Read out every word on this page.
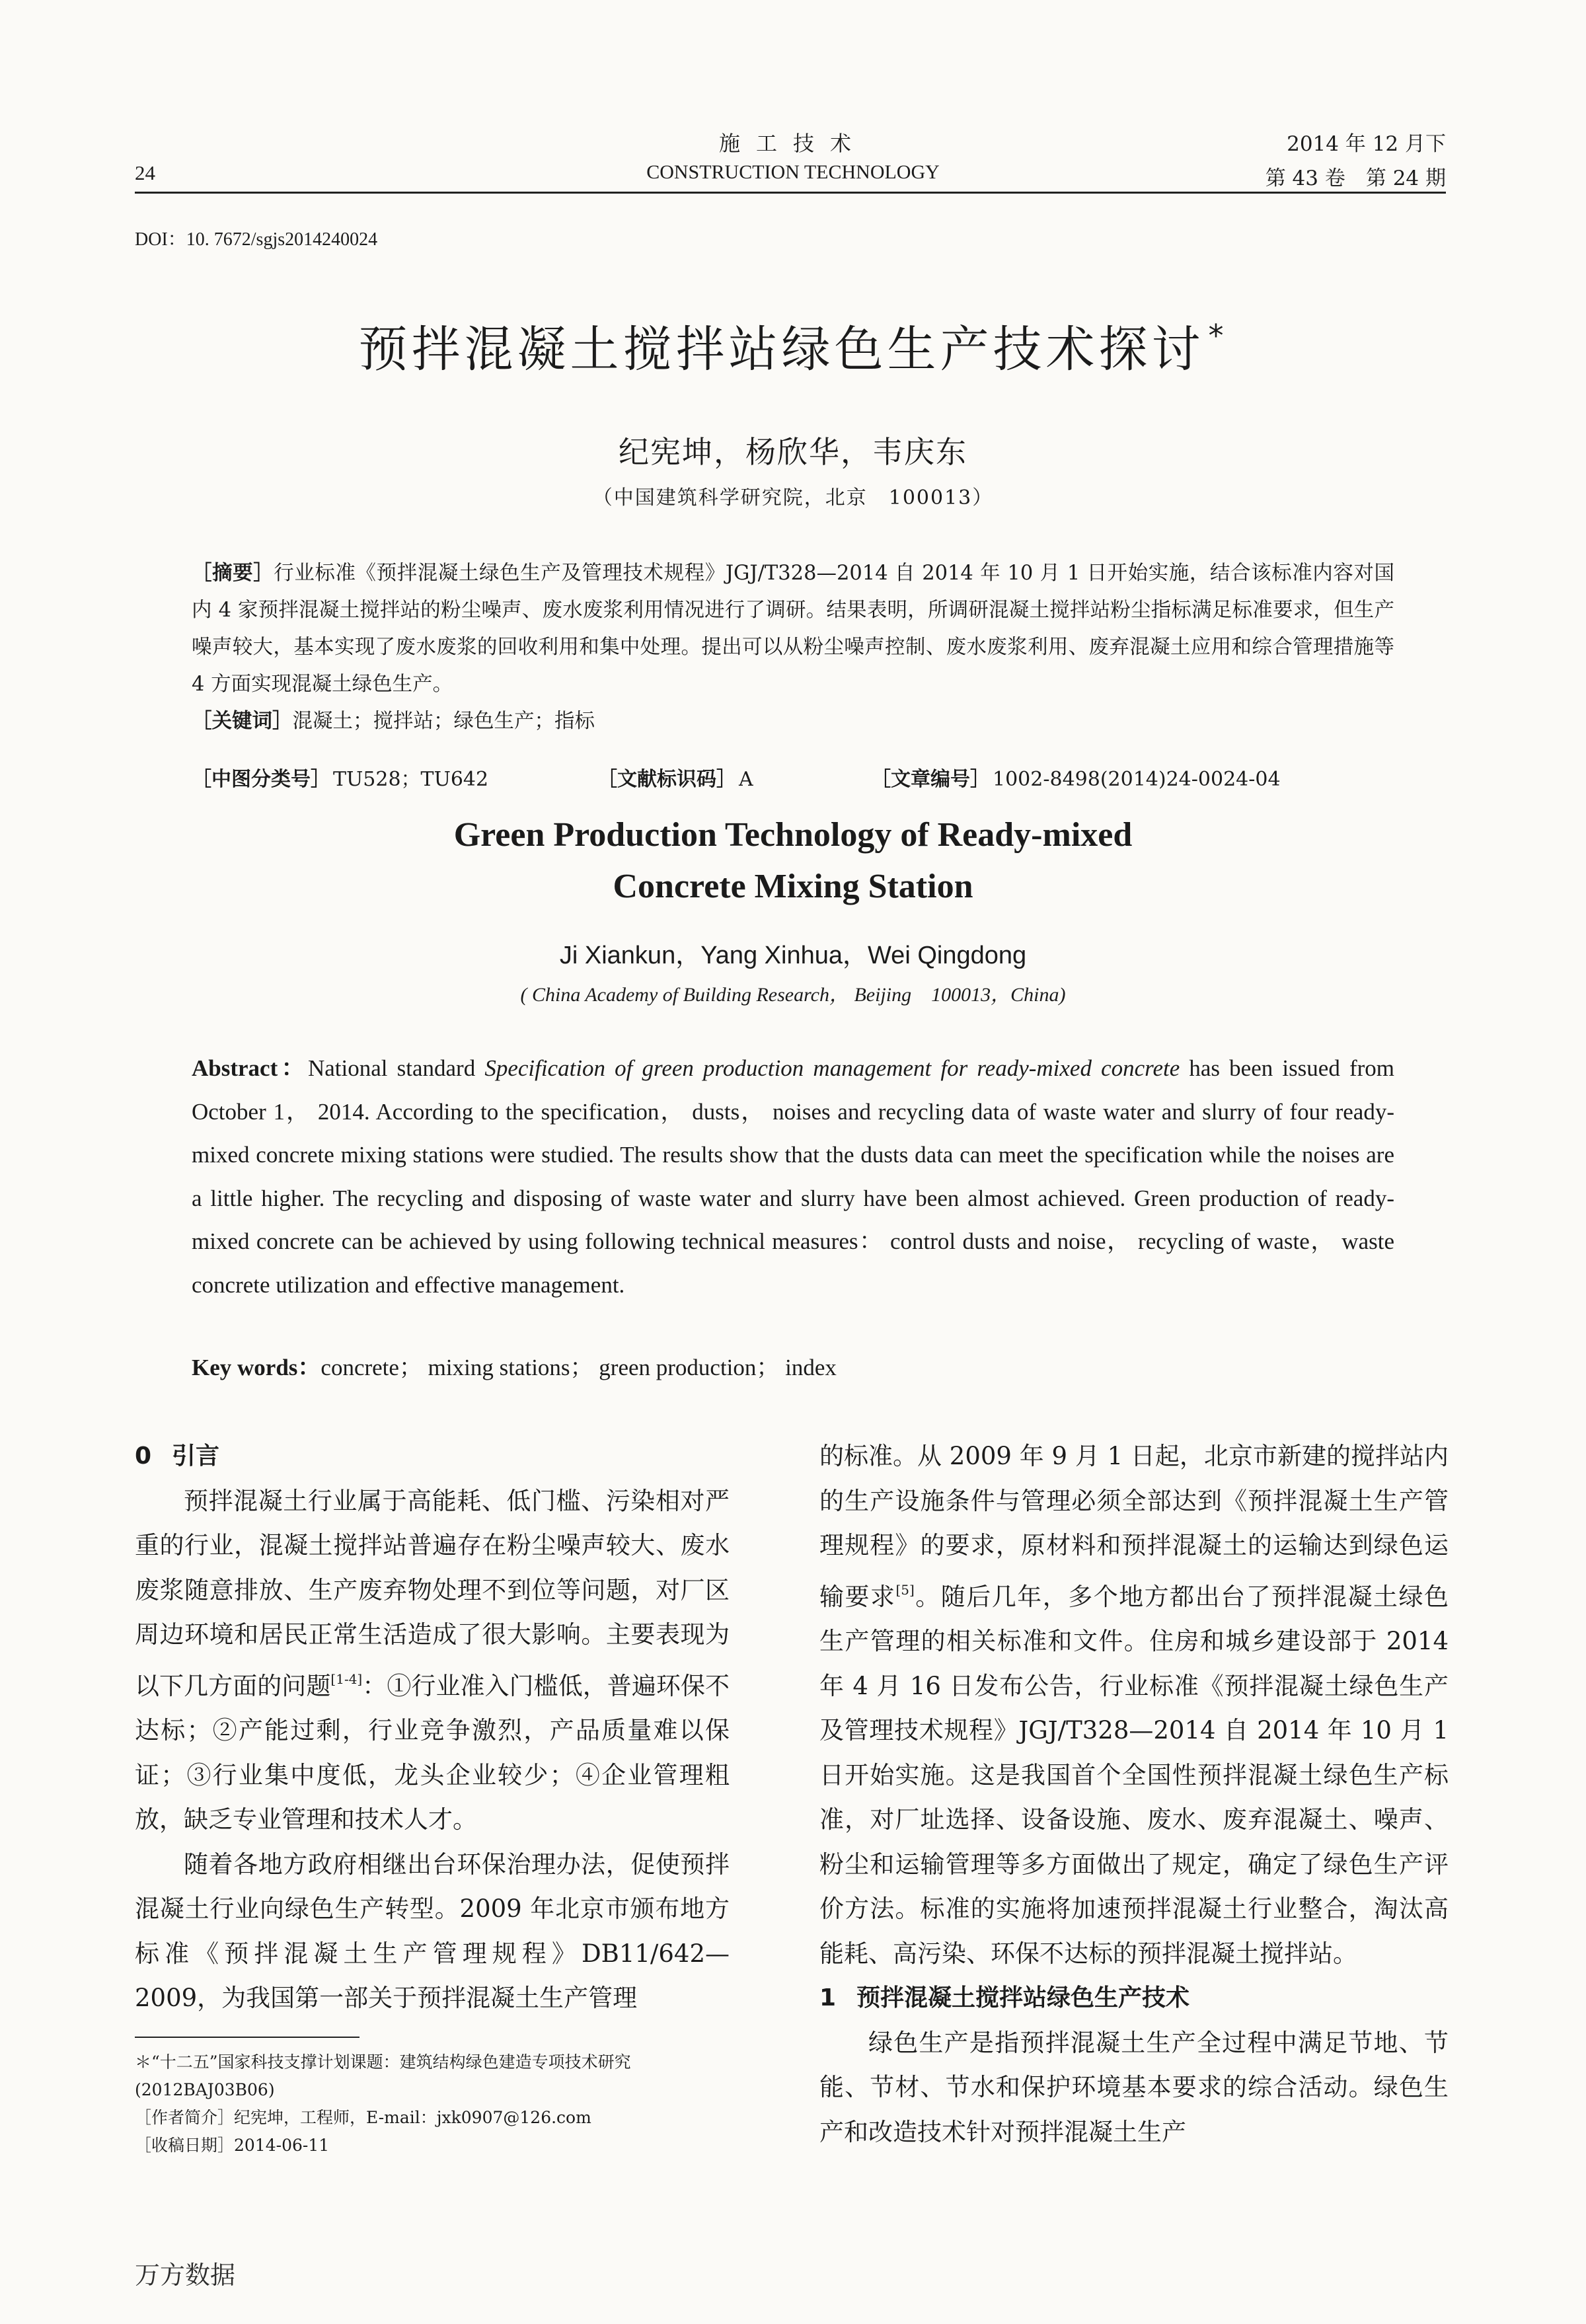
施工技术
CONSTRUCTION TECHNOLOGY
24
2014 年 12 月下
第 43 卷　第 24 期
DOI：10. 7672/sgjs2014240024
预拌混凝土搅拌站绿色生产技术探讨 *
纪宪坤，杨欣华，韦庆东
（中国建筑科学研究院，北京　100013）

［摘要］行业标准《预拌混凝土绿色生产及管理技术规程》JGJ/T328—2014 自 2014 年 10 月 1 日开始实施，结合该标准内容对国内 4 家预拌混凝土搅拌站的粉尘噪声、废水废浆利用情况进行了调研。结果表明，所调研混凝土搅拌站粉尘指标满足标准要求，但生产噪声较大，基本实现了废水废浆的回收利用和集中处理。提出可以从粉尘噪声控制、废水废浆利用、废弃混凝土应用和综合管理措施等 4 方面实现混凝土绿色生产。

［关键词］混凝土；搅拌站；绿色生产；指标

［中图分类号］ TU528；TU642	［文献标识码］ A	［文章编号］ 1002-8498(2014)24-0024-04
Green Production Technology of Ready-mixed
Concrete Mixing Station
Ji Xiankun，Yang Xinhua，Wei Qingdong
( China Academy of Building Research， Beijing　100013，China)
Abstract：National standard Specification of green production management for ready-mixed concrete has been issued from October 1， 2014. According to the specification， dusts， noises and recycling data of waste water and slurry of four ready-mixed concrete mixing stations were studied. The results show that the dusts data can meet the specification while the noises are a little higher. The recycling and disposing of waste water and slurry have been almost achieved. Green production of ready-mixed concrete can be achieved by using following technical measures： control dusts and noise， recycling of waste， waste concrete utilization and effective management.
Key words：concrete； mixing stations； green production； index

0 引言

预拌混凝土行业属于高能耗、低门槛、污染相对严重的行业，混凝土搅拌站普遍存在粉尘噪声较大、废水废浆随意排放、生产废弃物处理不到位等问题，对厂区周边环境和居民正常生活造成了很大影响。主要表现为以下几方面的问题[1-4]：①行业准入门槛低，普遍环保不达标；②产能过剩，行业竞争激烈，产品质量难以保证；③行业集中度低，龙头企业较少；④企业管理粗放，缺乏专业管理和技术人才。

随着各地方政府相继出台环保治理办法，促使预拌混凝土行业向绿色生产转型。2009 年北京市颁布地方标准《预拌混凝土生产管理规程》DB11/642—2009，为我国第一部关于预拌混凝土生产管理

的标准。从 2009 年 9 月 1 日起，北京市新建的搅拌站内的生产设施条件与管理必须全部达到《预拌混凝土生产管理规程》的要求，原材料和预拌混凝土的运输达到绿色运输要求[5]。随后几年，多个地方都出台了预拌混凝土绿色生产管理的相关标准和文件。住房和城乡建设部于 2014 年 4 月 16 日发布公告，行业标准《预拌混凝土绿色生产及管理技术规程》JGJ/T328—2014 自 2014 年 10 月 1 日开始实施。这是我国首个全国性预拌混凝土绿色生产标准，对厂址选择、设备设施、废水、废弃混凝土、噪声、粉尘和运输管理等多方面做出了规定，确定了绿色生产评价方法。标准的实施将加速预拌混凝土行业整合，淘汰高能耗、高污染、环保不达标的预拌混凝土搅拌站。

1 预拌混凝土搅拌站绿色生产技术

绿色生产是指预拌混凝土生产全过程中满足节地、节能、节材、节水和保护环境基本要求的综合活动。绿色生产和改造技术针对预拌混凝土生产

＊“十二五”国家科技支撑计划课题：建筑结构绿色建造专项技术研究(2012BAJ03B06)

［作者简介］纪宪坤，工程师，E-mail：jxk0907@126.com

［收稿日期］2014-06-11

万方数据
